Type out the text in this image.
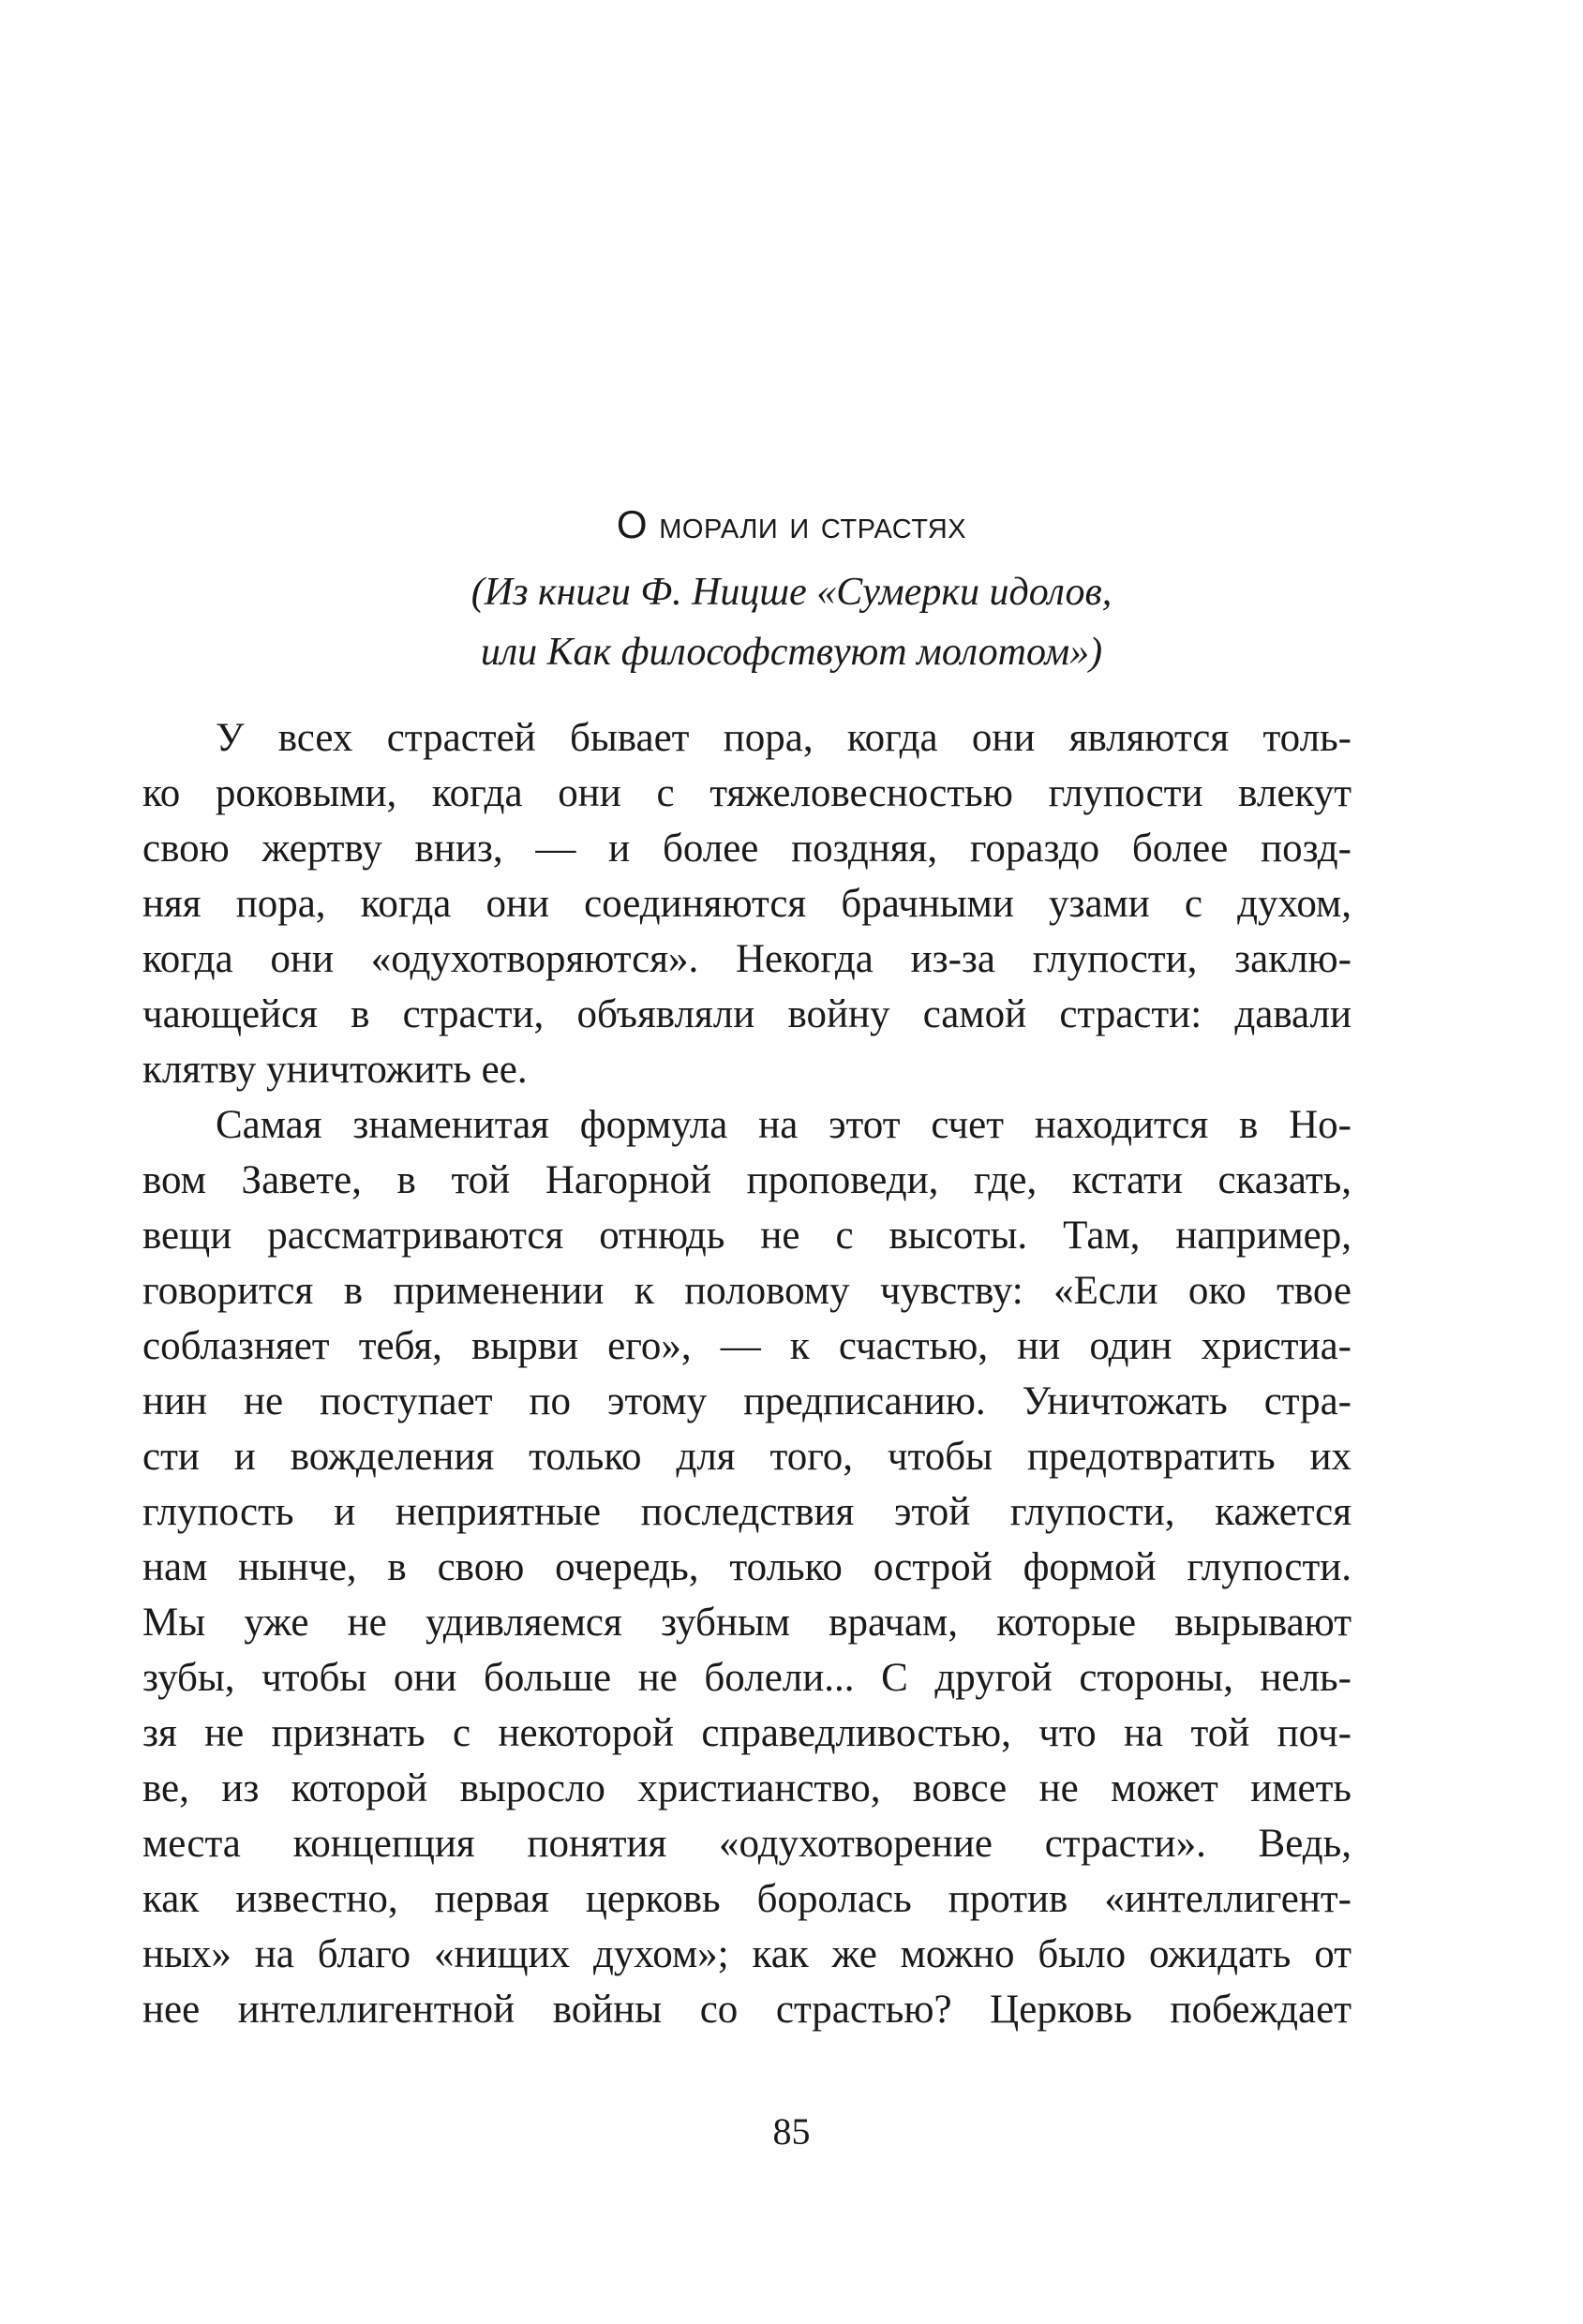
О морали и страстях
(Из книги Ф. Ницше «Сумерки идолов,
или Как философствуют молотом»)
У всех страстей бывает пора, когда они являются толь-
ко роковыми, когда они с тяжеловесностью глупости влекут
свою жертву вниз, — и более поздняя, гораздо более позд-
няя пора, когда они соединяются брачными узами с духом,
когда они «одухотворяются». Некогда из-за глупости, заклю-
чающейся в страсти, объявляли войну самой страсти: давали
клятву уничтожить ее.
Самая знаменитая формула на этот счет находится в Но-
вом Завете, в той Нагорной проповеди, где, кстати сказать,
вещи рассматриваются отнюдь не с высоты. Там, например,
говорится в применении к половому чувству: «Если око твое
соблазняет тебя, вырви его», — к счастью, ни один христиа-
нин не поступает по этому предписанию. Уничтожать стра-
сти и вожделения только для того, чтобы предотвратить их
глупость и неприятные последствия этой глупости, кажется
нам нынче, в свою очередь, только острой формой глупости.
Мы уже не удивляемся зубным врачам, которые вырывают
зубы, чтобы они больше не болели... С другой стороны, нель-
зя не признать с некоторой справедливостью, что на той поч-
ве, из которой выросло христианство, вовсе не может иметь
места концепция понятия «одухотворение страсти». Ведь,
как известно, первая церковь боролась против «интеллигент-
ных» на благо «нищих духом»; как же можно было ожидать от
нее интеллигентной войны со страстью? Церковь побеждает
85
